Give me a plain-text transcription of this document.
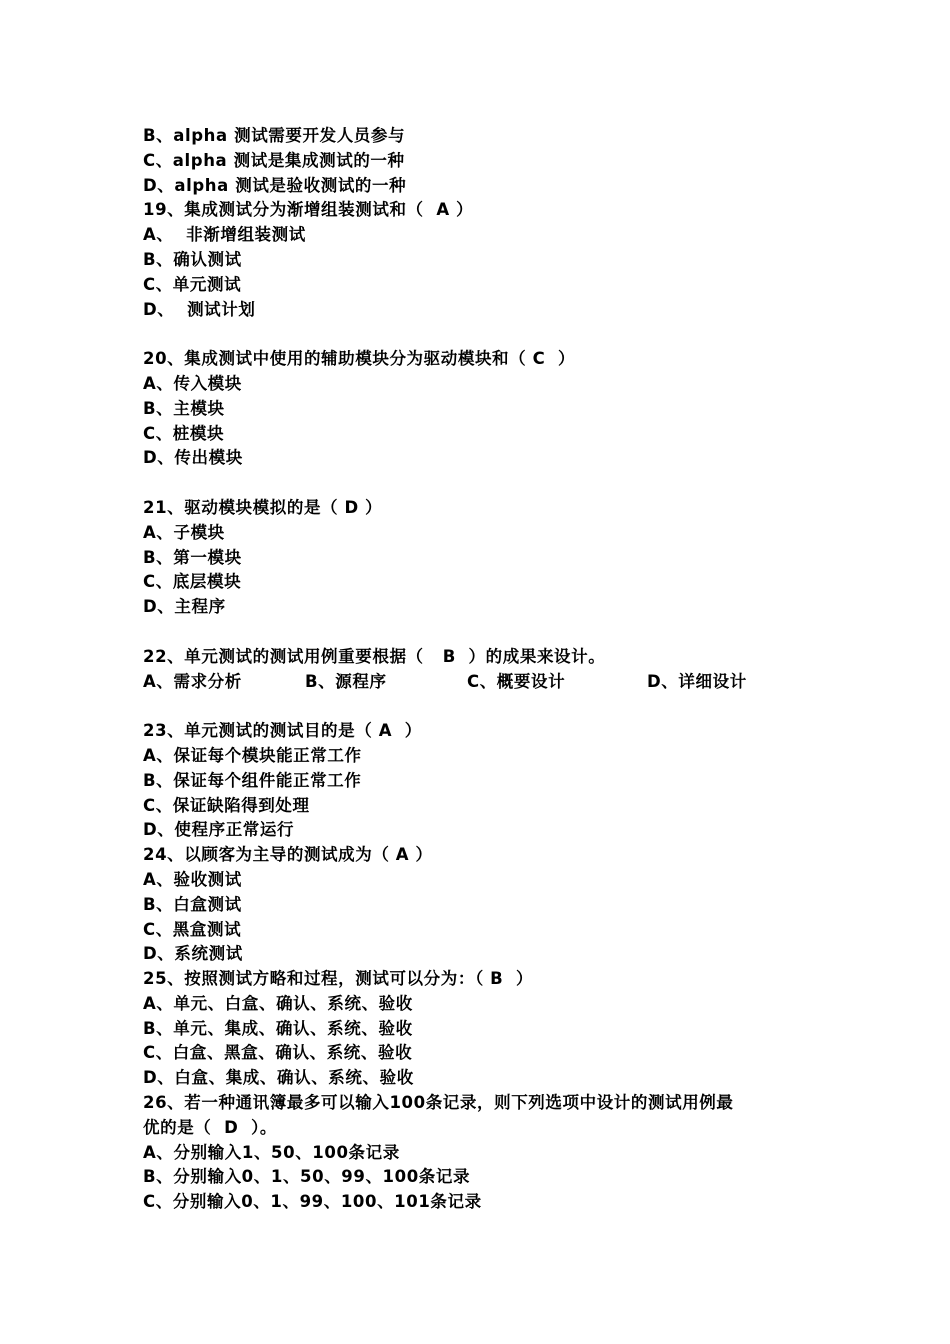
B、alpha 测试需要开发人员参与
C、alpha 测试是集成测试的一种
D、alpha 测试是验收测试的一种
19、集成测试分为渐增组装测试和（  A ）
A、  非渐增组装测试
B、确认测试
C、单元测试
D、  测试计划
20、集成测试中使用的辅助模块分为驱动模块和（ C  ）
A、传入模块
B、主模块
C、桩模块
D、传出模块
21、驱动模块模拟的是（ D ）
A、子模块
B、第一模块
C、底层模块
D、主程序
22、单元测试的测试用例重要根据（   B  ）的成果来设计。
A、需求分析	B、源程序	C、概要设计	D、详细设计
23、单元测试的测试目的是（ A  ）
A、保证每个模块能正常工作
B、保证每个组件能正常工作
C、保证缺陷得到处理
D、使程序正常运行
24、以顾客为主导的测试成为（ A ）
A、验收测试
B、白盒测试
C、黑盒测试
D、系统测试
25、按照测试方略和过程，测试可以分为：（ B  ）
A、单元、白盒、确认、系统、验收
B、单元、集成、确认、系统、验收
C、白盒、黑盒、确认、系统、验收
D、白盒、集成、确认、系统、验收
26、若一种通讯簿最多可以输入100条记录，则下列选项中设计的测试用例最
优的是（  D  ）。
A、分别输入1、50、100条记录
B、分别输入0、1、50、99、100条记录
C、分别输入0、1、99、100、101条记录
